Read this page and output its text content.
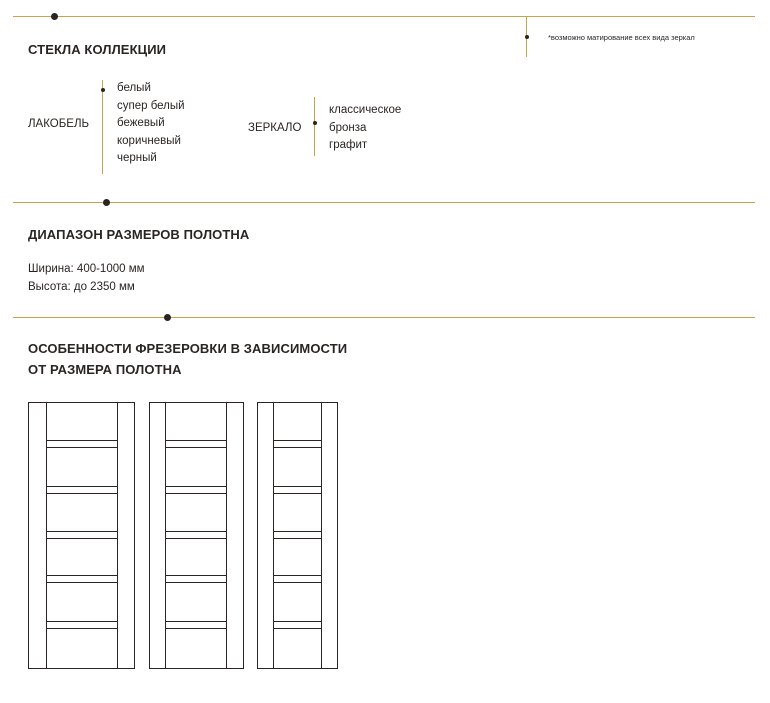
*возможно матирование всех вида зеркал
СТЕКЛА КОЛЛЕКЦИИ
ЛАКОБЕЛЬ
белый
супер белый
бежевый
коричневый
черный
ЗЕРКАЛО
классическое
бронза
графит
ДИАПАЗОН РАЗМЕРОВ ПОЛОТНА
Ширина: 400-1000 мм
Высота: до 2350 мм
ОСОБЕННОСТИ ФРЕЗЕРОВКИ В ЗАВИСИМОСТИ
ОТ РАЗМЕРА ПОЛОТНА
